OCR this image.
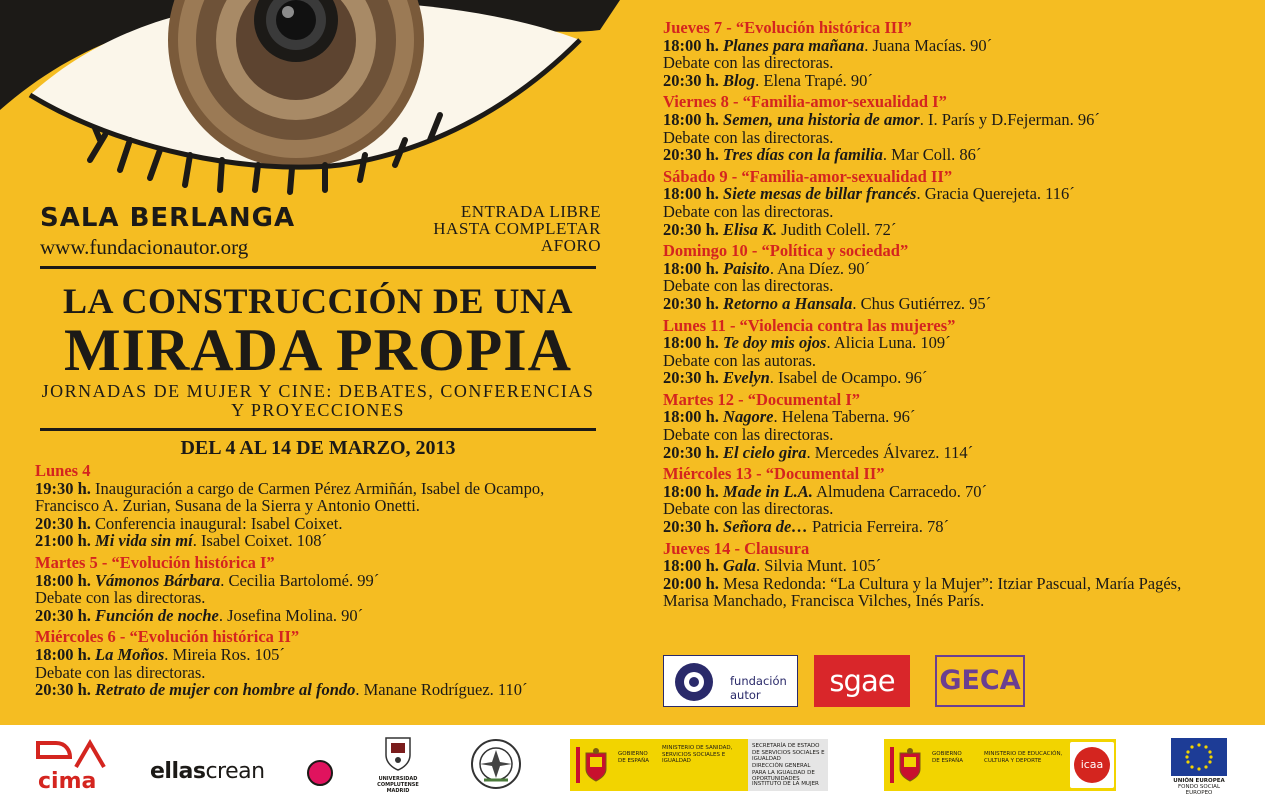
SALA BERLANGA
www.fundacionautor.org
ENTRADA LIBRE
HASTA COMPLETAR
AFORO
LA CONSTRUCCIÓN DE UNA
MIRADA PROPIA
JORNADAS DE MUJER Y CINE: DEBATES, CONFERENCIAS
Y PROYECCIONES
DEL 4 AL 14 DE MARZO, 2013
Lunes 4
19:30 h. Inauguración a cargo de Carmen Pérez Armiñán, Isabel de Ocampo,
Francisco A. Zurian, Susana de la Sierra y Antonio Onetti.
20:30 h. Conferencia inaugural: Isabel Coixet.
21:00 h. Mi vida sin mí. Isabel Coixet. 108´
Martes 5 - “Evolución histórica I”
18:00 h. Vámonos Bárbara. Cecilia Bartolomé. 99´
Debate con las directoras.
20:30 h. Función de noche. Josefina Molina. 90´
Miércoles 6 - “Evolución histórica II”
18:00 h. La Moños. Mireia Ros. 105´
Debate con las directoras.
20:30 h. Retrato de mujer con hombre al fondo. Manane Rodríguez. 110´
Jueves 7 - “Evolución histórica III”
18:00 h. Planes para mañana. Juana Macías. 90´
Debate con las directoras.
20:30 h. Blog. Elena Trapé. 90´
Viernes 8 - “Familia-amor-sexualidad I”
18:00 h. Semen, una historia de amor. I. París y D.Fejerman. 96´
Debate con las directoras.
20:30 h. Tres días con la familia. Mar Coll. 86´
Sábado 9 - “Familia-amor-sexualidad II”
18:00 h. Siete mesas de billar francés. Gracia Querejeta. 116´
Debate con las directoras.
20:30 h. Elisa K. Judith Colell. 72´
Domingo 10 - “Política y sociedad”
18:00 h. Paisito. Ana Díez. 90´
Debate con las directoras.
20:30 h. Retorno a Hansala. Chus Gutiérrez. 95´
Lunes 11 - “Violencia contra las mujeres”
18:00 h. Te doy mis ojos. Alicia Luna. 109´
Debate con las autoras.
20:30 h. Evelyn. Isabel de Ocampo. 96´
Martes 12 - “Documental I”
18:00 h. Nagore. Helena Taberna. 96´
Debate con las directoras.
20:30 h. El cielo gira. Mercedes Álvarez. 114´
Miércoles 13 - “Documental II”
18:00 h. Made in L.A. Almudena Carracedo. 70´
Debate con las directoras.
20:30 h. Señora de… Patricia Ferreira. 78´
Jueves 14 - Clausura
18:00 h. Gala. Silvia Munt. 105´
20:00 h. Mesa Redonda: “La Cultura y la Mujer”: Itziar Pascual, María Pagés,
Marisa Manchado, Francisca Vilches, Inés París.
fundación autor	sgae	GECA
cima ellascrean	UNIVERSIDAD COMPLUTENSE MADRID
GOBIERNO DE ESPAÑA
MINISTERIO DE SANIDAD, SERVICIOS SOCIALES E IGUALDAD
SECRETARÍA DE ESTADO DE SERVICIOS SOCIALES E IGUALDAD
DIRECCIÓN GENERAL PARA LA IGUALDAD DE OPORTUNIDADES
INSTITUTO DE LA MUJER
GOBIERNO DE ESPAÑA
MINISTERIO DE EDUCACIÓN, CULTURA Y DEPORTE	icaa
UNIÓN EUROPEA
FONDO SOCIAL EUROPEO
